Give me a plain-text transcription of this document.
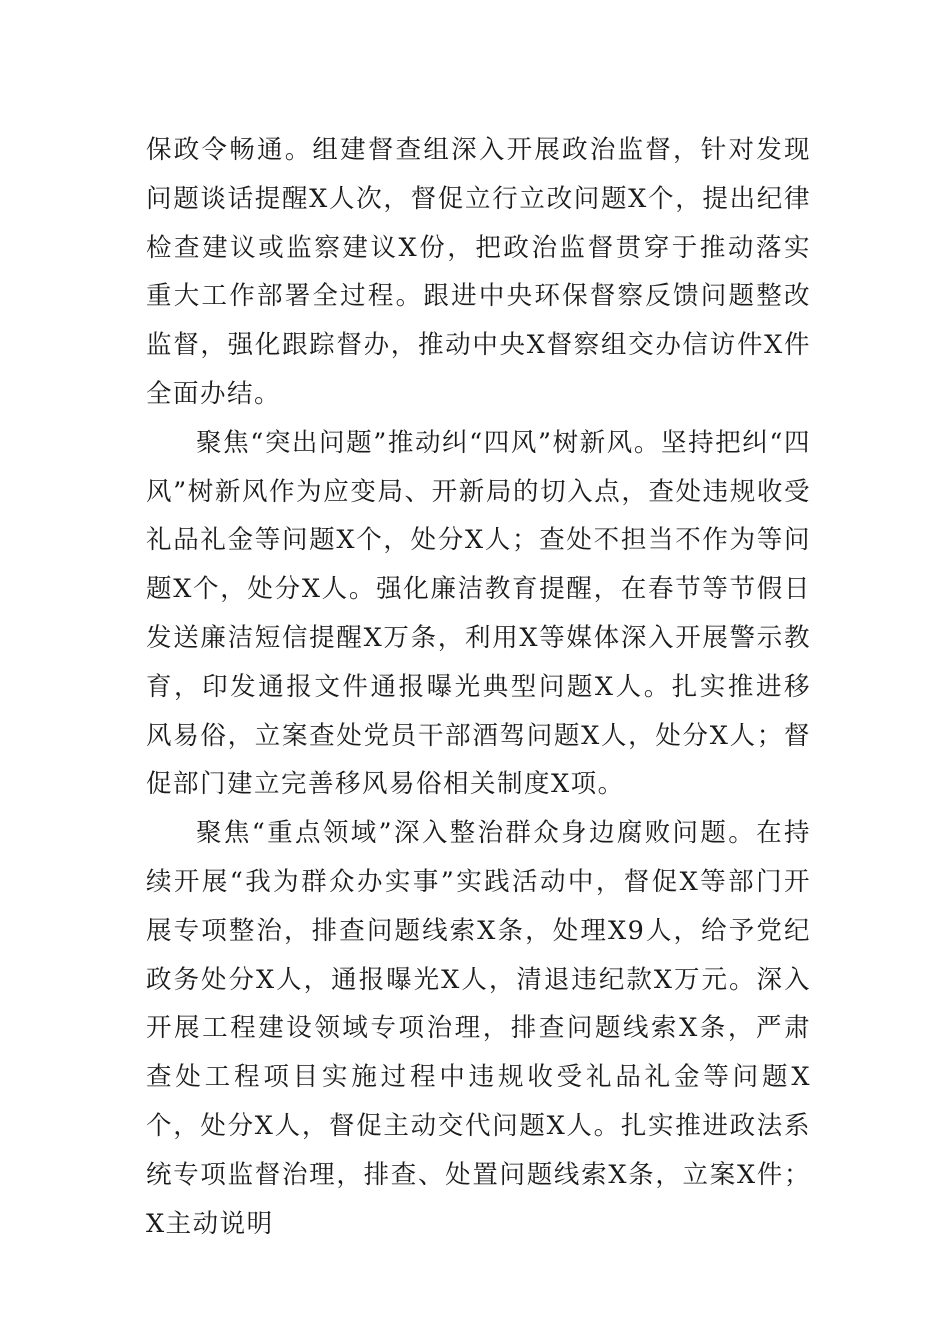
保政令畅通。组建督查组深入开展政治监督，针对发现问题谈话提醒X人次，督促立行立改问题X个，提出纪律检查建议或监察建议X份，把政治监督贯穿于推动落实重大工作部署全过程。跟进中央环保督察反馈问题整改监督，强化跟踪督办，推动中央X督察组交办信访件X件全面办结。

聚焦“突出问题”推动纠“四风”树新风。坚持把纠“四风”树新风作为应变局、开新局的切入点，查处违规收受礼品礼金等问题X个，处分X人；查处不担当不作为等问题X个，处分X人。强化廉洁教育提醒，在春节等节假日发送廉洁短信提醒X万条，利用X等媒体深入开展警示教育，印发通报文件通报曝光典型问题X人。扎实推进移风易俗，立案查处党员干部酒驾问题X人，处分X人；督促部门建立完善移风易俗相关制度X项。

聚焦“重点领域”深入整治群众身边腐败问题。在持续开展“我为群众办实事”实践活动中，督促X等部门开展专项整治，排查问题线索X条，处理X9人，给予党纪政务处分X人，通报曝光X人，清退违纪款X万元。深入开展工程建设领域专项治理，排查问题线索X条，严肃查处工程项目实施过程中违规收受礼品礼金等问题X个，处分X人，督促主动交代问题X人。扎实推进政法系统专项监督治理，排查、处置问题线索X条，立案X件；X主动说明
